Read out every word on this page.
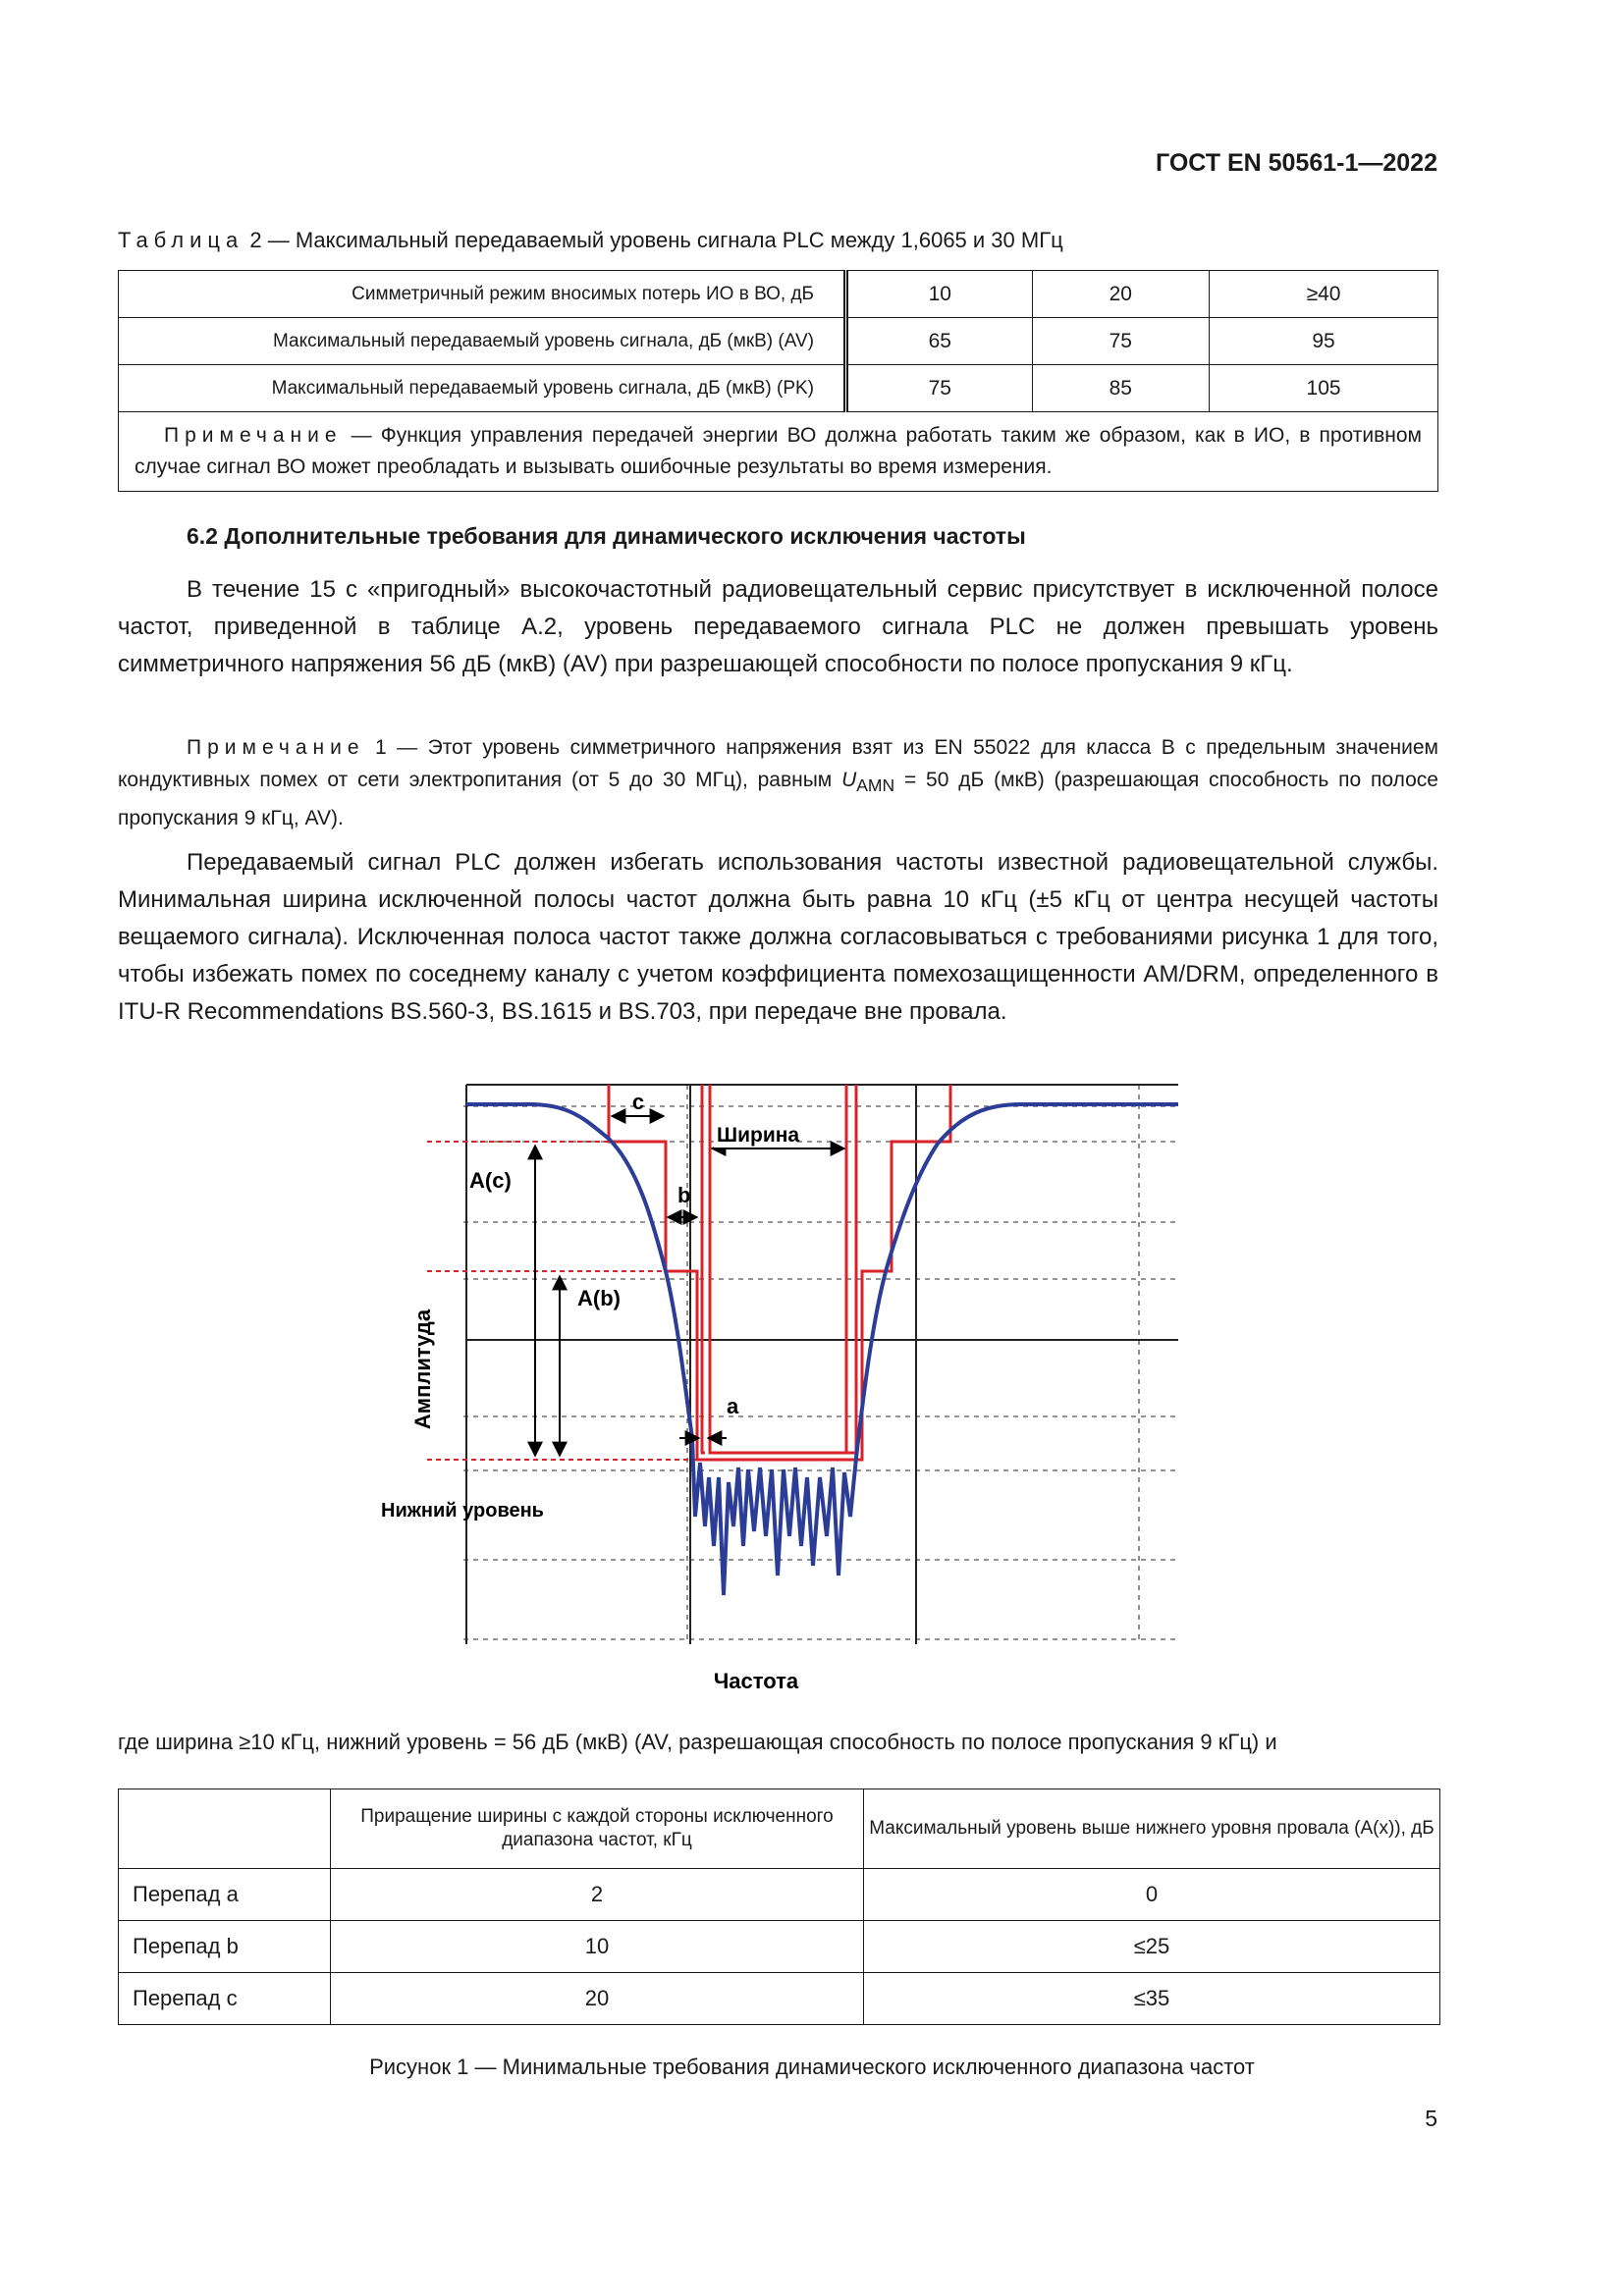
ГОСТ EN 50561-1—2022
Таблица 2 — Максимальный передаваемый уровень сигнала PLC между 1,6065 и 30 МГц
Симметричный режим вносимых потерь ИО в ВО, дБ	10	20	≥40
Максимальный передаваемый уровень сигнала, дБ (мкВ) (AV)	65	75	95
Максимальный передаваемый уровень сигнала, дБ (мкВ) (PK)	75	85	105
Примечание — Функция управления передачей энергии ВО должна работать таким же образом, как в ИО, в противном случае сигнал ВО может преобладать и вызывать ошибочные результаты во время измерения.			
6.2 Дополнительные требования для динамического исключения частоты
В течение 15 с «пригодный» высокочастотный радиовещательный сервис присутствует в исключенной полосе частот, приведенной в таблице А.2, уровень передаваемого сигнала PLC не должен превышать уровень симметричного напряжения 56 дБ (мкВ) (AV) при разрешающей способности по полосе пропускания 9 кГц.
Примечание 1 — Этот уровень симметричного напряжения взят из EN 55022 для класса В с предельным значением кондуктивных помех от сети электропитания (от 5 до 30 МГц), равным $U_{AMN} = 50$ дБ (мкВ) (разрешающая способность по полосе пропускания 9 кГц, AV).
Передаваемый сигнал PLC должен избегать использования частоты известной радиовещательной службы. Минимальная ширина исключенной полосы частот должна быть равна 10 кГц (±5 кГц от центра несущей частоты вещаемого сигнала). Исключенная полоса частот также должна согласовываться с требованиями рисунка 1 для того, чтобы избежать помех по соседнему каналу с учетом коэффициента помехозащищенности AM/DRM, определенного в ITU-R Recommendations BS.560-3, BS.1615 и BS.703, при передаче вне провала.
c
Ширина
A(c)
b
A(b)
a
Нижний уровень
Амплитуда
Частота
где ширина ≥10 кГц, нижний уровень = 56 дБ (мкВ) (AV, разрешающая способность по полосе пропускания 9 кГц) и
	Приращение ширины с каждой стороны исключенного диапазона частот, кГц	Максимальный уровень выше нижнего уровня провала (A(x)), дБ
Перепад a	2	0
Перепад b	10	≤25
Перепад c	20	≤35
Рисунок 1 — Минимальные требования динамического исключенного диапазона частот
5
